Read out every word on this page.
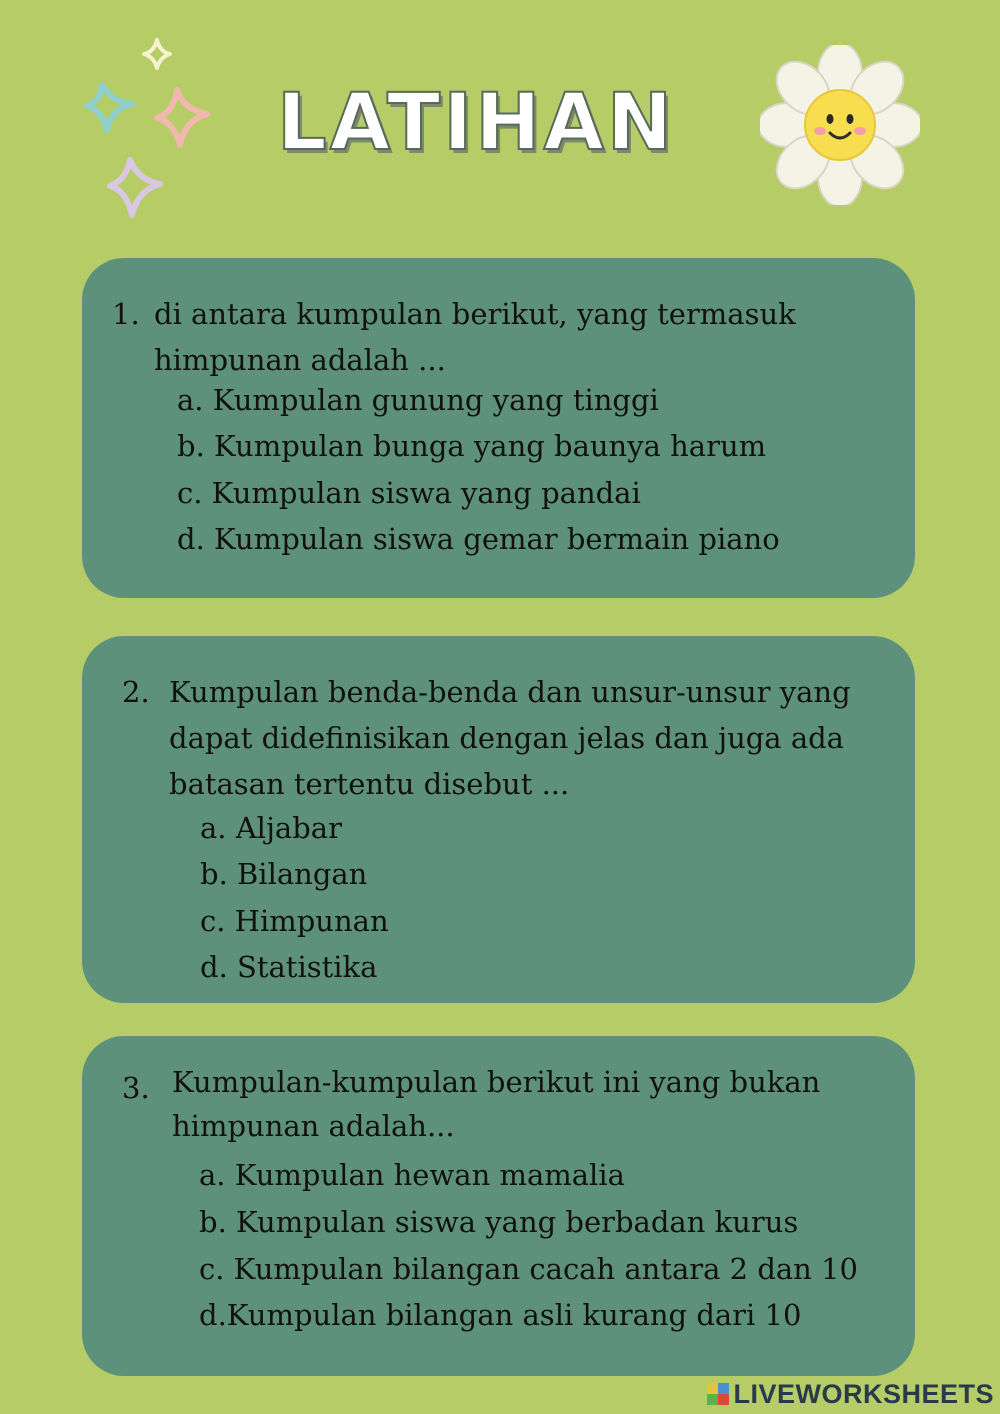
LATIHAN
1. di antara kumpulan berikut, yang termasuk
himpunan adalah ...
a. Kumpulan gunung yang tinggi
b. Kumpulan bunga yang baunya harum
c. Kumpulan siswa yang pandai
d. Kumpulan siswa gemar bermain piano
2. Kumpulan benda-benda dan unsur-unsur yang
dapat didefinisikan dengan jelas dan juga ada
batasan tertentu disebut ...
a. Aljabar
b. Bilangan
c. Himpunan
d. Statistika
3. Kumpulan-kumpulan berikut ini yang bukan
himpunan adalah...
a. Kumpulan hewan mamalia
b. Kumpulan siswa yang berbadan kurus
c. Kumpulan bilangan cacah antara 2 dan 10
d.Kumpulan bilangan asli kurang dari 10
LIVEWORKSHEETS
